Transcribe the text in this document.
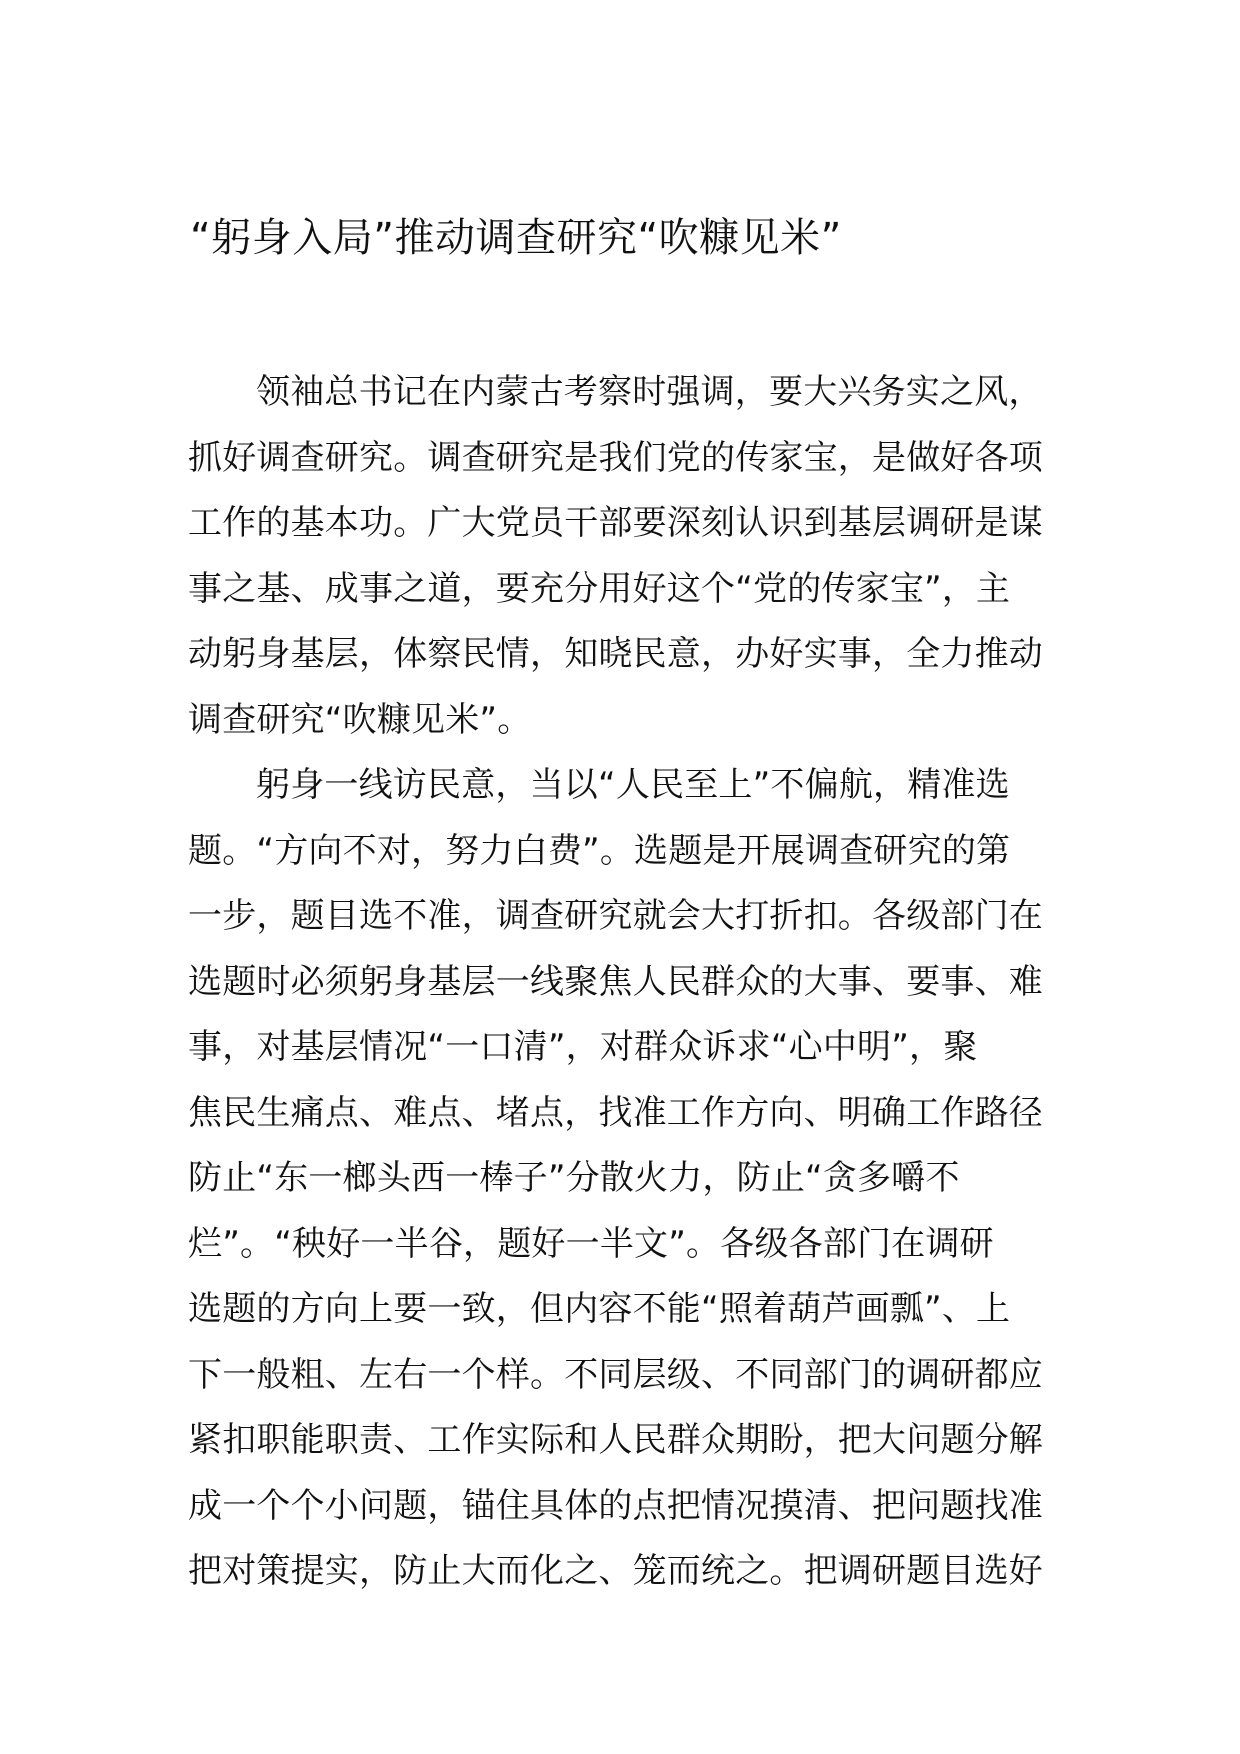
“躬身入局”推动调查研究“吹糠见米”
领袖总书记在内蒙古考察时强调，要大兴务实之风，
抓好调查研究。调查研究是我们党的传家宝，是做好各项
工作的基本功。广大党员干部要深刻认识到基层调研是谋
事之基、成事之道，要充分用好这个“党的传家宝”，主
动躬身基层，体察民情，知晓民意，办好实事，全力推动
调查研究“吹糠见米”。
躬身一线访民意，当以“人民至上”不偏航，精准选
题。“方向不对，努力白费”。选题是开展调查研究的第
一步，题目选不准，调查研究就会大打折扣。各级部门在
选题时必须躬身基层一线聚焦人民群众的大事、要事、难
事，对基层情况“一口清”，对群众诉求“心中明”，聚
焦民生痛点、难点、堵点，找准工作方向、明确工作路径
防止“东一榔头西一棒子”分散火力，防止“贪多嚼不
烂”。“秧好一半谷，题好一半文”。各级各部门在调研
选题的方向上要一致，但内容不能“照着葫芦画瓢”、上
下一般粗、左右一个样。不同层级、不同部门的调研都应
紧扣职能职责、工作实际和人民群众期盼，把大问题分解
成一个个小问题，锚住具体的点把情况摸清、把问题找准
把对策提实，防止大而化之、笼而统之。把调研题目选好
